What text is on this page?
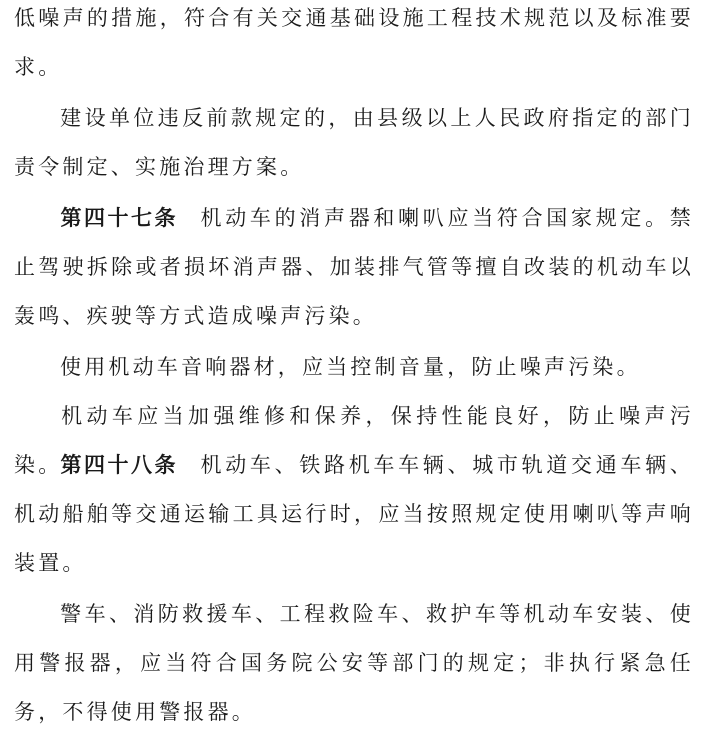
低噪声的措施，符合有关交通基础设施工程技术规范以及标准要求。

建设单位违反前款规定的，由县级以上人民政府指定的部门责令制定、实施治理方案。

第四十七条 机动车的消声器和喇叭应当符合国家规定。禁止驾驶拆除或者损坏消声器、加装排气管等擅自改装的机动车以轰鸣、疾驶等方式造成噪声污染。

使用机动车音响器材，应当控制音量，防止噪声污染。

机动车应当加强维修和保养，保持性能良好，防止噪声污染。

第四十八条 机动车、铁路机车车辆、城市轨道交通车辆、机动船舶等交通运输工具运行时，应当按照规定使用喇叭等声响装置。

警车、消防救援车、工程救险车、救护车等机动车安装、使用警报器，应当符合国务院公安等部门的规定；非执行紧急任务，不得使用警报器。
